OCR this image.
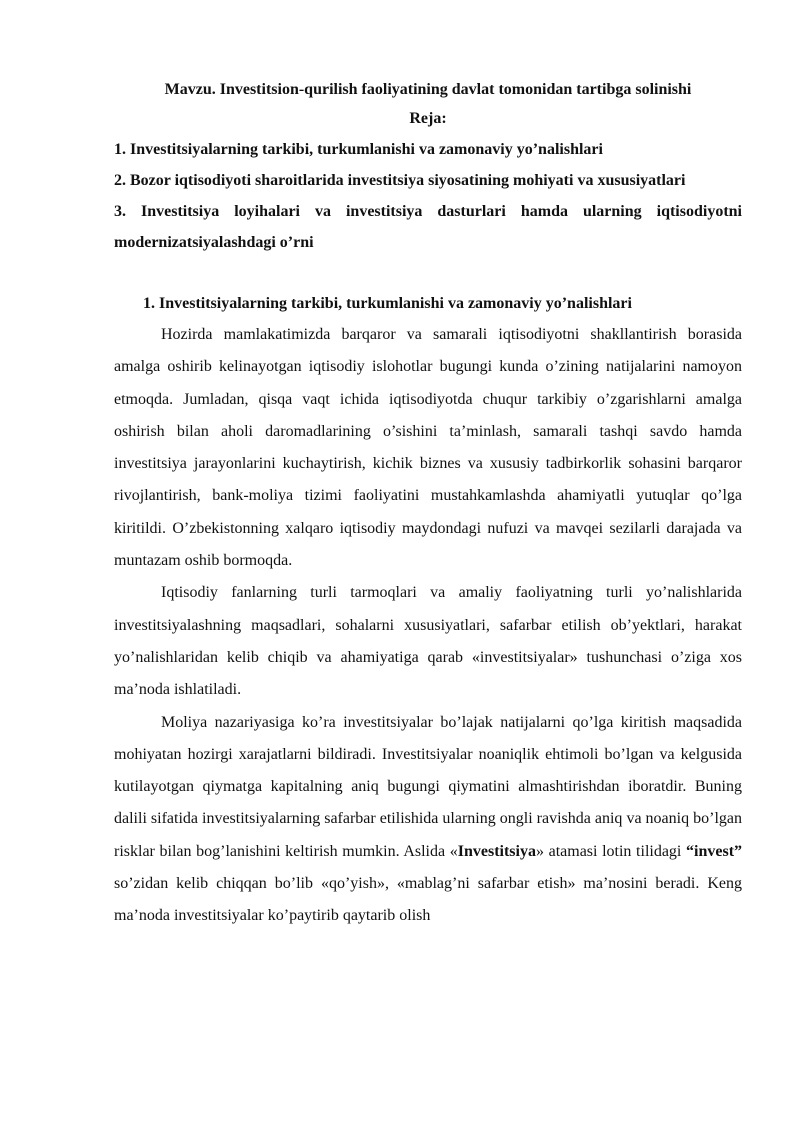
Mavzu. Investitsion-qurilish faoliyatining davlat tomonidan tartibga solinishi

Reja:

1. Investitsiyalarning tarkibi, turkumlanishi va zamonaviy yo’nalishlari

2. Bozor iqtisodiyoti sharoitlarida investitsiya siyosatining mohiyati va xususiyatlari

3. Investitsiya loyihalari va investitsiya dasturlari hamda ularning iqtisodiyotni modernizatsiyalashdagi o’rni

1. Investitsiyalarning tarkibi, turkumlanishi va zamonaviy yo’nalishlari

Hozirda mamlakatimizda barqaror va samarali iqtisodiyotni shakllantirish borasida amalga oshirib kelinayotgan iqtisodiy islohotlar bugungi kunda o’zining natijalarini namoyon etmoqda. Jumladan, qisqa vaqt ichida iqtisodiyotda chuqur tarkibiy o’zgarishlarni amalga oshirish bilan aholi daromadlarining o’sishini ta’minlash, samarali tashqi savdo hamda investitsiya jarayonlarini kuchaytirish, kichik biznes va xususiy tadbirkorlik sohasini barqaror rivojlantirish, bank-moliya tizimi faoliyatini mustahkamlashda ahamiyatli yutuqlar qo’lga kiritildi. O’zbekistonning xalqaro iqtisodiy maydondagi nufuzi va mavqei sezilarli darajada va muntazam oshib bormoqda.

Iqtisodiy fanlarning turli tarmoqlari va amaliy faoliyatning turli yo’nalishlarida investitsiyalashning maqsadlari, sohalarni xususiyatlari, safarbar etilish ob’yektlari, harakat yo’nalishlaridan kelib chiqib va ahamiyatiga qarab «investitsiyalar» tushunchasi o’ziga xos ma’noda ishlatiladi.

Moliya nazariyasiga ko’ra investitsiyalar bo’lajak natijalarni qo’lga kiritish maqsadida mohiyatan hozirgi xarajatlarni bildiradi. Investitsiyalar noaniqlik ehtimoli bo’lgan va kelgusida kutilayotgan qiymatga kapitalning aniq bugungi qiymatini almashtirishdan iboratdir. Buning dalili sifatida investitsiyalarning safarbar etilishida ularning ongli ravishda aniq va noaniq bo’lgan risklar bilan bog’lanishini keltirish mumkin. Aslida «Investitsiya» atamasi lotin tilidagi “invest” so’zidan kelib chiqqan bo’lib «qo’yish», «mablag’ni safarbar etish» ma’nosini beradi. Keng ma’noda investitsiyalar ko’paytirib qaytarib olish
